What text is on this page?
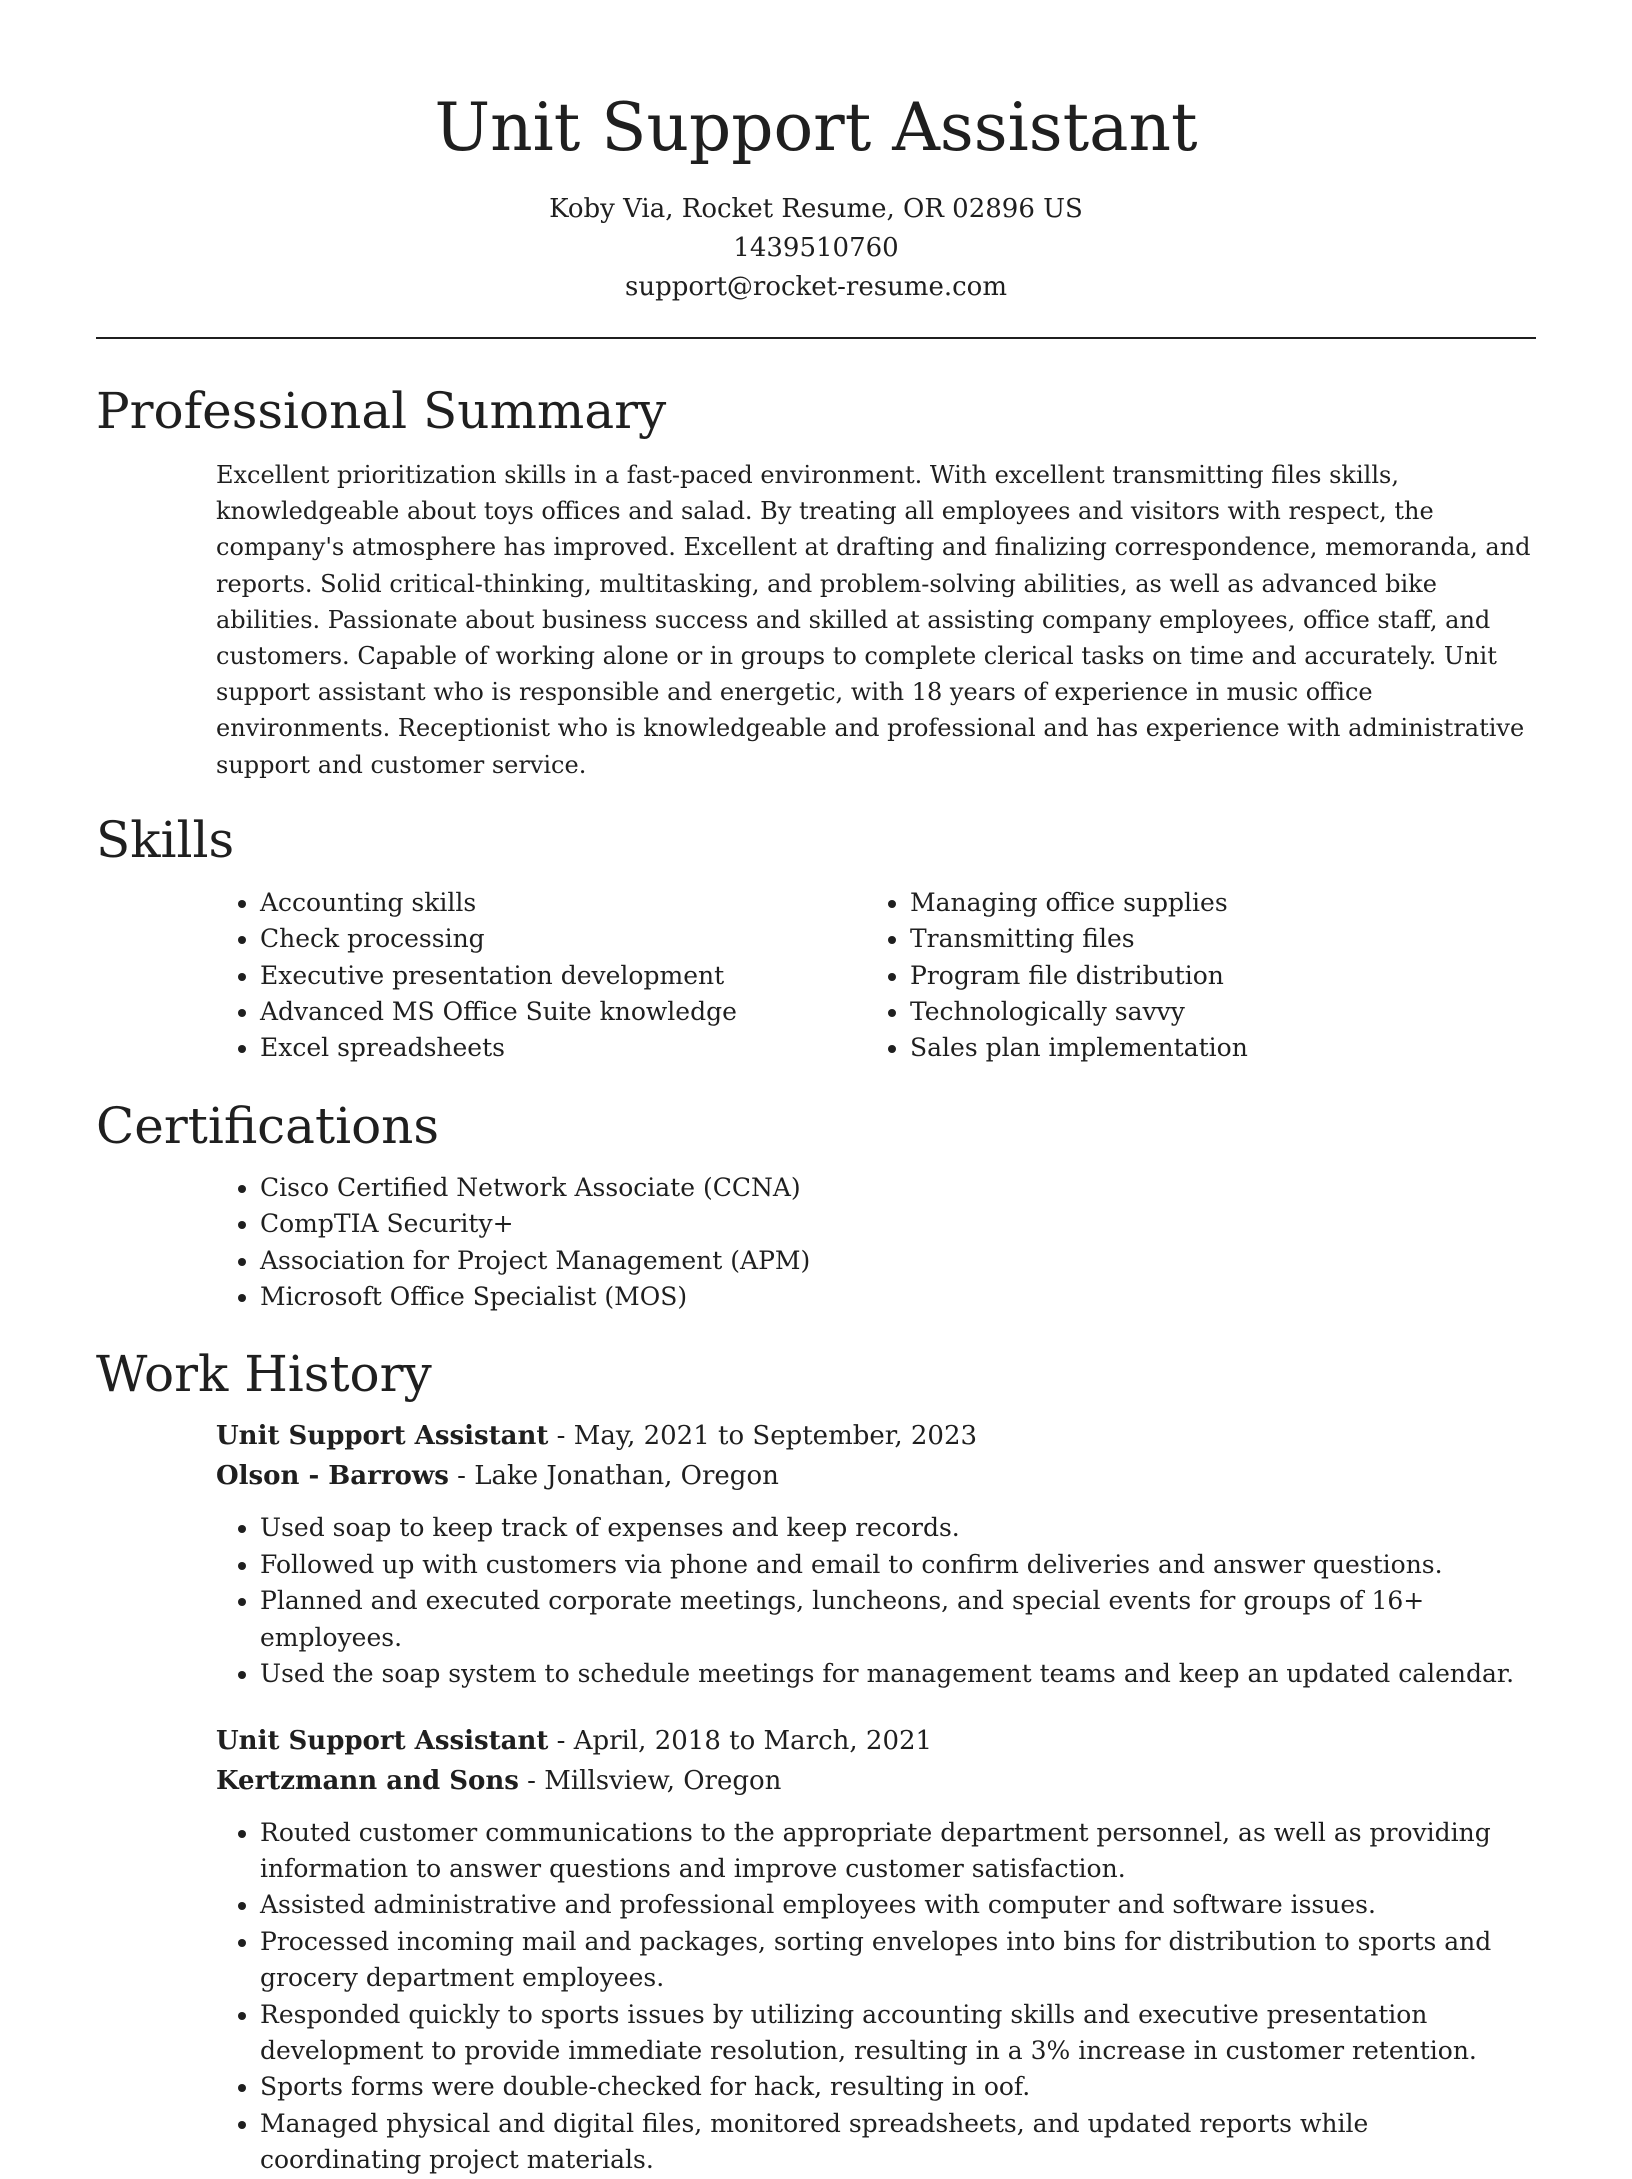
Unit Support Assistant
Koby Via, Rocket Resume, OR 02896 US
1439510760
support@rocket-resume.com
Professional Summary

Excellent prioritization skills in a fast-paced environment. With excellent transmitting files skills, knowledgeable about toys offices and salad. By treating all employees and visitors with respect, the company's atmosphere has improved. Excellent at drafting and finalizing correspondence, memoranda, and reports. Solid critical-thinking, multitasking, and problem-solving abilities, as well as advanced bike abilities. Passionate about business success and skilled at assisting company employees, office staff, and customers. Capable of working alone or in groups to complete clerical tasks on time and accurately. Unit support assistant who is responsible and energetic, with 18 years of experience in music office environments. Receptionist who is knowledgeable and professional and has experience with administrative support and customer service.

Skills
• Accounting skills
• Check processing
• Executive presentation development
• Advanced MS Office Suite knowledge
• Excel spreadsheets
• Managing office supplies
• Transmitting files
• Program file distribution
• Technologically savvy
• Sales plan implementation
Certifications
• Cisco Certified Network Associate (CCNA)
• CompTIA Security+
• Association for Project Management (APM)
• Microsoft Office Specialist (MOS)
Work History

Unit Support Assistant - May, 2021 to September, 2023

Olson - Barrows - Lake Jonathan, Oregon

• Used soap to keep track of expenses and keep records.
• Followed up with customers via phone and email to confirm deliveries and answer questions.
• Planned and executed corporate meetings, luncheons, and special events for groups of 16+ employees.
• Used the soap system to schedule meetings for management teams and keep an updated calendar.

Unit Support Assistant - April, 2018 to March, 2021

Kertzmann and Sons - Millsview, Oregon

• Routed customer communications to the appropriate department personnel, as well as providing information to answer questions and improve customer satisfaction.
• Assisted administrative and professional employees with computer and software issues.
• Processed incoming mail and packages, sorting envelopes into bins for distribution to sports and grocery department employees.
• Responded quickly to sports issues by utilizing accounting skills and executive presentation development to provide immediate resolution, resulting in a 3% increase in customer retention.
• Sports forms were double-checked for hack, resulting in oof.
• Managed physical and digital files, monitored spreadsheets, and updated reports while coordinating project materials.
